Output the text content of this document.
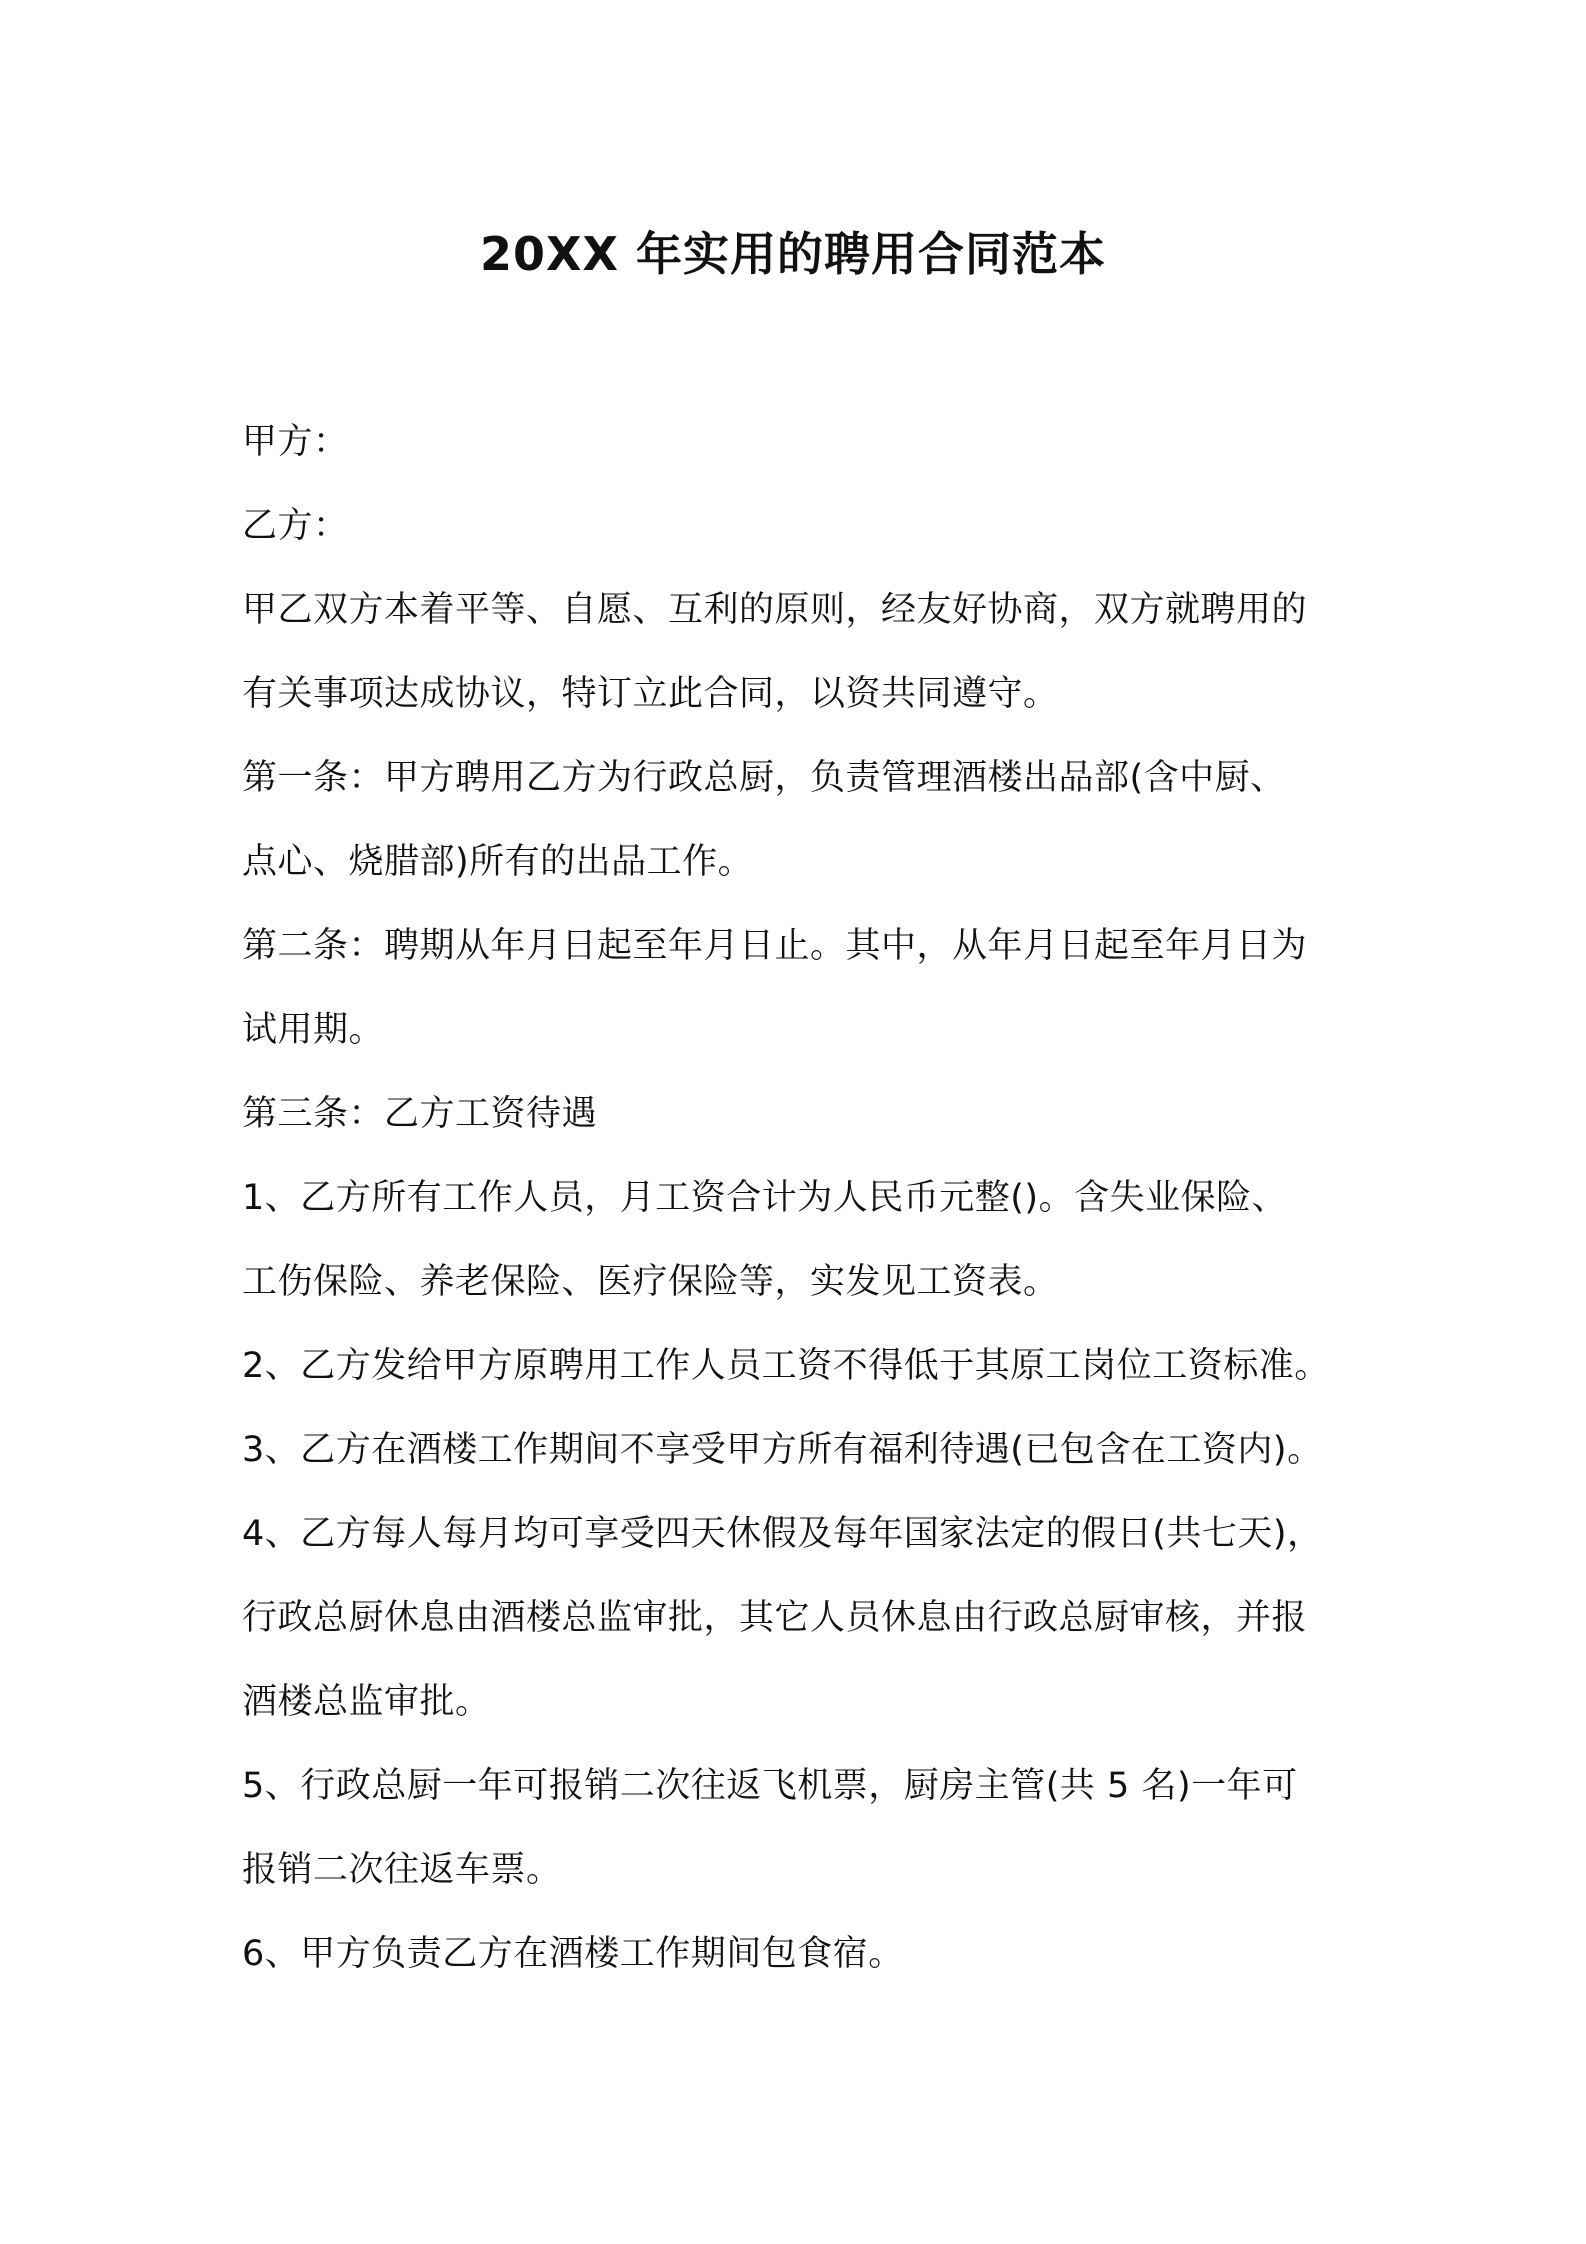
20XX 年实用的聘用合同范本
甲方：
乙方：
甲乙双方本着平等、自愿、互利的原则，经友好协商，双方就聘用的
有关事项达成协议，特订立此合同，以资共同遵守。
第一条：甲方聘用乙方为行政总厨，负责管理酒楼出品部(含中厨、
点心、烧腊部)所有的出品工作。
第二条：聘期从年月日起至年月日止。其中，从年月日起至年月日为
试用期。
第三条：乙方工资待遇
1、乙方所有工作人员，月工资合计为人民币元整()。含失业保险、
工伤保险、养老保险、医疗保险等，实发见工资表。
2、乙方发给甲方原聘用工作人员工资不得低于其原工岗位工资标准。
3、乙方在酒楼工作期间不享受甲方所有福利待遇(已包含在工资内)。
4、乙方每人每月均可享受四天休假及每年国家法定的假日(共七天)，
行政总厨休息由酒楼总监审批，其它人员休息由行政总厨审核，并报
酒楼总监审批。
5、行政总厨一年可报销二次往返飞机票，厨房主管(共 5 名)一年可
报销二次往返车票。
6、甲方负责乙方在酒楼工作期间包食宿。
